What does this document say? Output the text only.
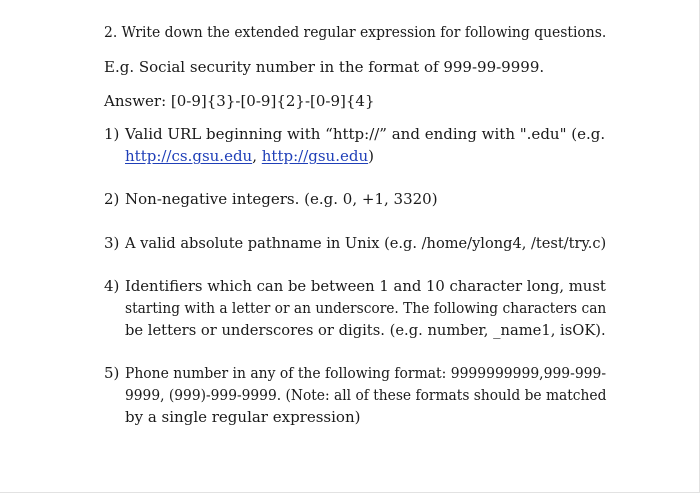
2. Write down the extended regular expression for following questions.
E.g. Social security number in the format of 999-99-9999.
Answer: [0-9]{3}-[0-9]{2}-[0-9]{4}
1) Valid URL beginning with “http://” and ending with ".edu" (e.g.
http://cs.gsu.edu, http://gsu.edu)
2) Non-negative integers. (e.g. 0, +1, 3320)
3) A valid absolute pathname in Unix (e.g. /home/ylong4, /test/try.c)
4) Identifiers which can be between 1 and 10 character long, must
starting with a letter or an underscore. The following characters can
be letters or underscores or digits. (e.g. number, _name1, isOK).
5) Phone number in any of the following format: 9999999999,999-999-
9999, (999)-999-9999. (Note: all of these formats should be matched
by a single regular expression)
